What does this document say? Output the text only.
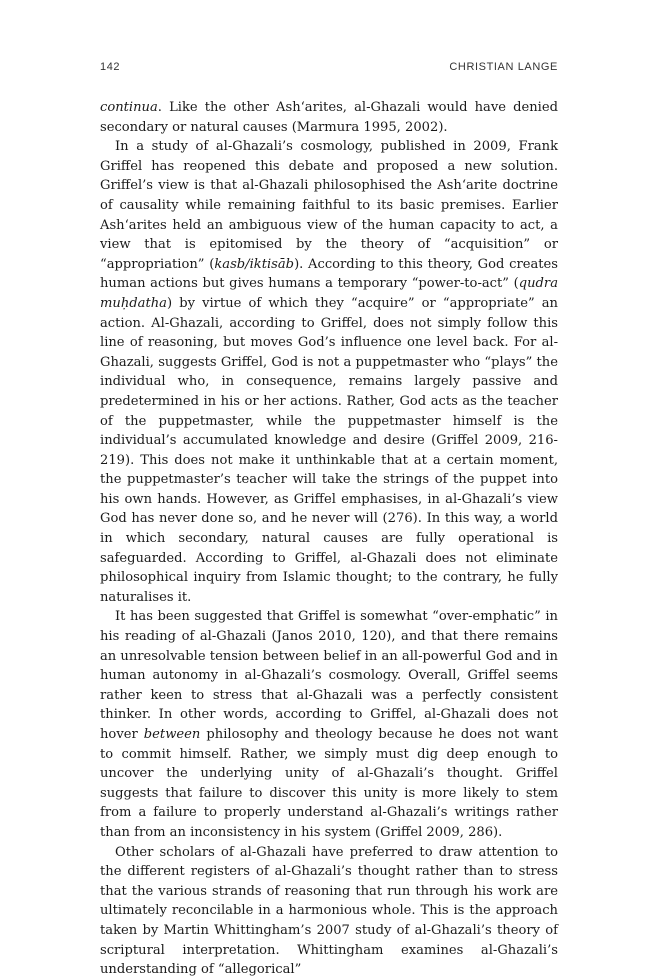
142	CHRISTIAN LANGE

continua. Like the other Ash‘arites, al-Ghazali would have denied secondary or natural causes (Marmura 1995, 2002).

In a study of al-Ghazali’s cosmology, published in 2009, Frank Griffel has reopened this debate and proposed a new solution. Griffel’s view is that al-Ghazali philosophised the Ash‘arite doctrine of causality while remaining faithful to its basic premises. Earlier Ash‘arites held an ambiguous view of the human capacity to act, a view that is epitomised by the theory of “acquisition” or “appropriation” (kasb/iktisāb). According to this theory, God creates human actions but gives humans a temporary “power-to-act” (qudra muḥdatha) by virtue of which they “acquire” or “appropriate” an action. Al-Ghazali, according to Griffel, does not simply follow this line of reasoning, but moves God’s influence one level back. For al-Ghazali, suggests Griffel, God is not a puppetmaster who “plays” the individual who, in consequence, remains largely passive and predetermined in his or her actions. Rather, God acts as the teacher of the puppetmaster, while the puppetmaster himself is the individual’s accumulated knowledge and desire (Griffel 2009, 216-219). This does not make it unthinkable that at a certain moment, the puppetmaster’s teacher will take the strings of the puppet into his own hands. However, as Griffel emphasises, in al-Ghazali’s view God has never done so, and he never will (276). In this way, a world in which secondary, natural causes are fully operational is safeguarded. According to Griffel, al-Ghazali does not eliminate philosophical inquiry from Islamic thought; to the contrary, he fully naturalises it.

It has been suggested that Griffel is somewhat “over-emphatic” in his reading of al-Ghazali (Janos 2010, 120), and that there remains an unresolvable tension between belief in an all-powerful God and in human autonomy in al-Ghazali’s cosmology. Overall, Griffel seems rather keen to stress that al-Ghazali was a perfectly consistent thinker. In other words, according to Griffel, al-Ghazali does not hover between philosophy and theology because he does not want to commit himself. Rather, we simply must dig deep enough to uncover the underlying unity of al-Ghazali’s thought. Griffel suggests that failure to discover this unity is more likely to stem from a failure to properly understand al-Ghazali’s writings rather than from an inconsistency in his system (Griffel 2009, 286).

Other scholars of al-Ghazali have preferred to draw attention to the different registers of al-Ghazali’s thought rather than to stress that the various strands of reasoning that run through his work are ultimately reconcilable in a harmonious whole. This is the approach taken by Martin Whittingham’s 2007 study of al-Ghazali’s theory of scriptural interpretation. Whittingham examines al-Ghazali’s understanding of “allegorical”
